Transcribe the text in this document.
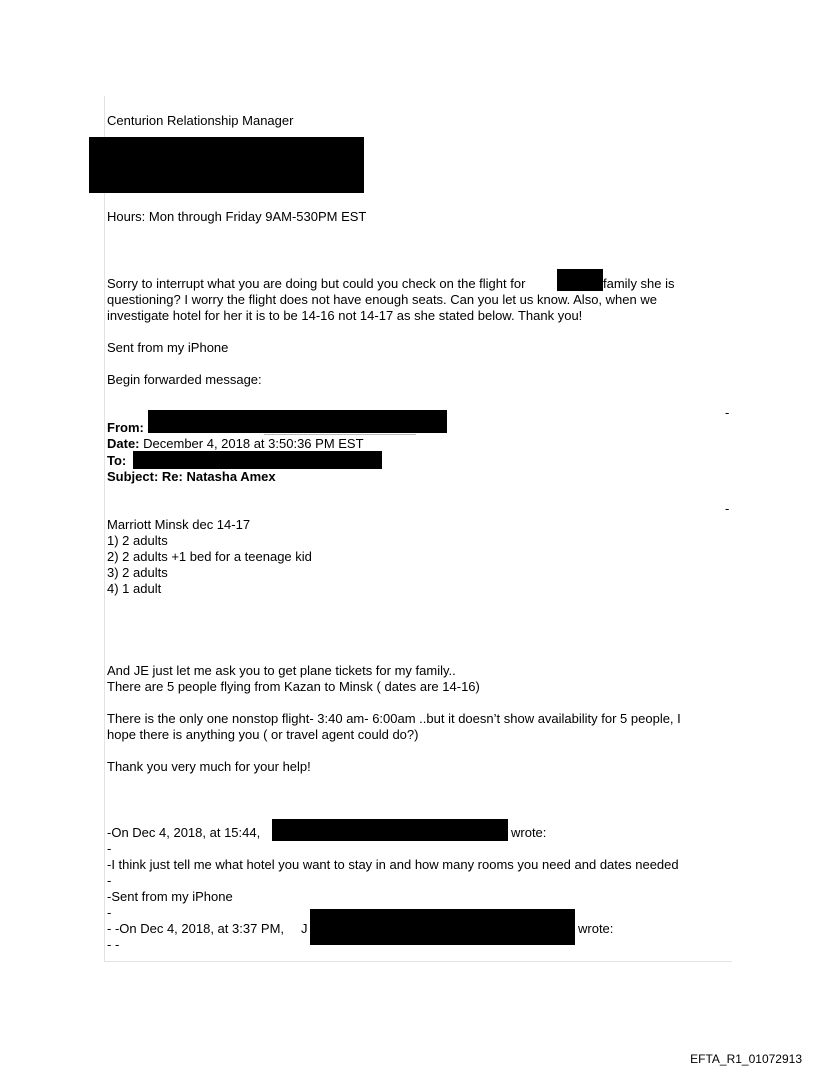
Centurion Relationship Manager
Hours: Mon through Friday 9AM-530PM EST
Sorry to interrupt what you are doing but could you check on the flight for	family she is
questioning? I worry the flight does not have enough seats. Can you let us know. Also, when we
investigate hotel for her it is to be 14-16 not 14-17 as she stated below. Thank you!
Sent from my iPhone
Begin forwarded message:
-
From:
Date: December 4, 2018 at 3:50:36 PM EST
To:
Subject: Re: Natasha Amex
-
Marriott Minsk dec 14-17
1) 2 adults
2) 2 adults +1 bed for a teenage kid
3) 2 adults
4) 1 adult
And JE just let me ask you to get plane tickets for my family..
There are 5 people flying from Kazan to Minsk ( dates are 14-16)
There is the only one nonstop flight- 3:40 am- 6:00am ..but it doesn’t show availability for 5 people, I
hope there is anything you ( or travel agent could do?)
Thank you very much for your help!
-On Dec 4, 2018, at 15:44,	wrote:
-
-I think just tell me what hotel you want to stay in and how many rooms you need and dates needed
-
-Sent from my iPhone
-
- -On Dec 4, 2018, at 3:37 PM, J	wrote:
- -
EFTA_R1_01072913
